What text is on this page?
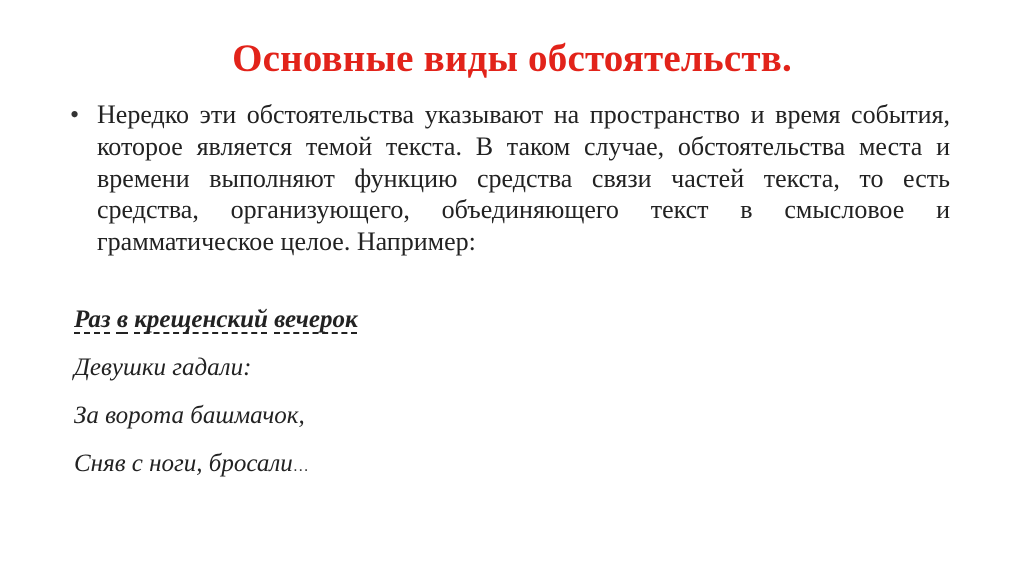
Основные виды обстоятельств.
• Нередко эти обстоятельства указывают на пространство и время события, которое является темой текста. В таком случае, обстоятельства места и времени выполняют функцию средства связи частей текста, то есть средства, организующего, объединяющего текст в смысловое и грамматическое целое. Например:
Раз в крещенский вечерок
Девушки гадали:
За ворота башмачок,
Сняв с ноги, бросали…
